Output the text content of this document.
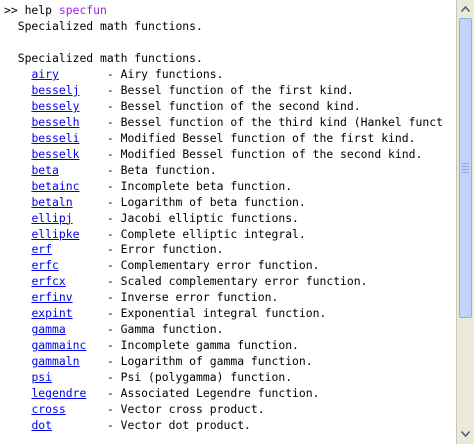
>> help specfun
Specialized math functions.
Specialized math functions.
airy	- Airy functions.
besselj - Bessel function of the first kind.
bessely - Bessel function of the second kind.
besselh - Bessel function of the third kind (Hankel funct
besseli - Modified Bessel function of the first kind.
besselk - Modified Bessel function of the second kind.
beta	- Beta function.
betainc - Incomplete beta function.
betaln	- Logarithm of beta function.
ellipj	- Jacobi elliptic functions.
ellipke - Complete elliptic integral.
erf	- Error function.
erfc	- Complementary error function.
erfcx	- Scaled complementary error function.
erfinv	- Inverse error function.
expint	- Exponential integral function.
gamma	- Gamma function.
gammainc - Incomplete gamma function.
gammaln - Logarithm of gamma function.
psi	- Psi (polygamma) function.
legendre - Associated Legendre function.
cross	- Vector cross product.
dot	- Vector dot product.
